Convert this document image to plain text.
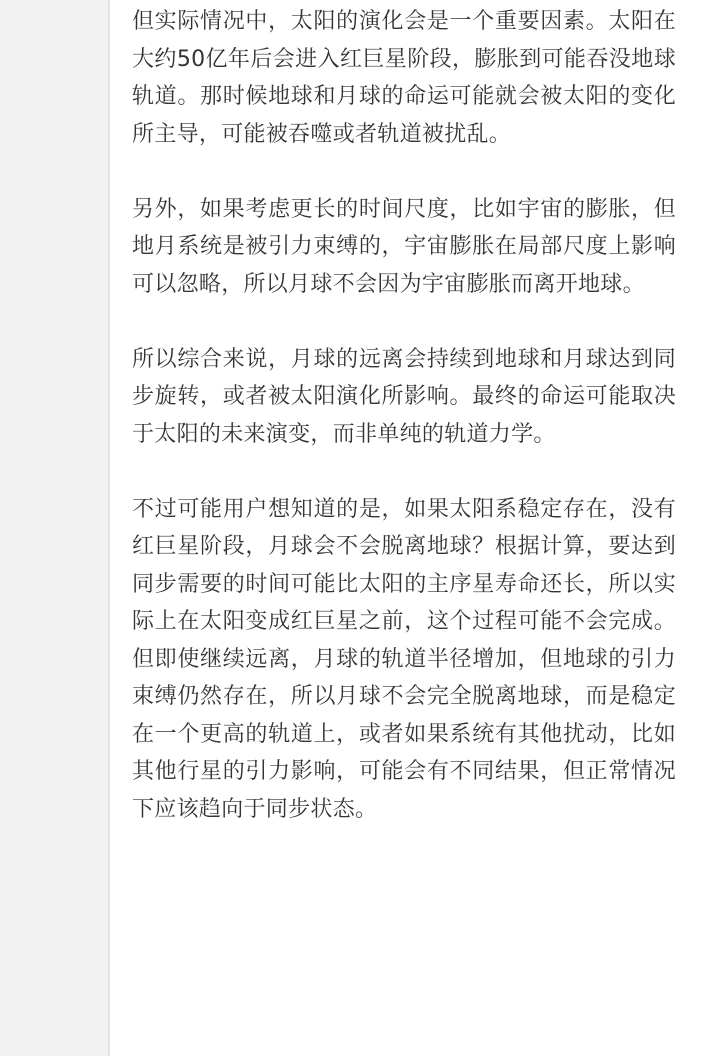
但实际情况中，太阳的演化会是一个重要因素。太阳在大约50亿年后会进入红巨星阶段，膨胀到可能吞没地球轨道。那时候地球和月球的命运可能就会被太阳的变化所主导，可能被吞噬或者轨道被扰乱。

另外，如果考虑更长的时间尺度，比如宇宙的膨胀，但地月系统是被引力束缚的，宇宙膨胀在局部尺度上影响可以忽略，所以月球不会因为宇宙膨胀而离开地球。

所以综合来说，月球的远离会持续到地球和月球达到同步旋转，或者被太阳演化所影响。最终的命运可能取决于太阳的未来演变，而非单纯的轨道力学。

不过可能用户想知道的是，如果太阳系稳定存在，没有红巨星阶段，月球会不会脱离地球？根据计算，要达到同步需要的时间可能比太阳的主序星寿命还长，所以实际上在太阳变成红巨星之前，这个过程可能不会完成。但即使继续远离，月球的轨道半径增加，但地球的引力束缚仍然存在，所以月球不会完全脱离地球，而是稳定在一个更高的轨道上，或者如果系统有其他扰动，比如其他行星的引力影响，可能会有不同结果，但正常情况下应该趋向于同步状态。
